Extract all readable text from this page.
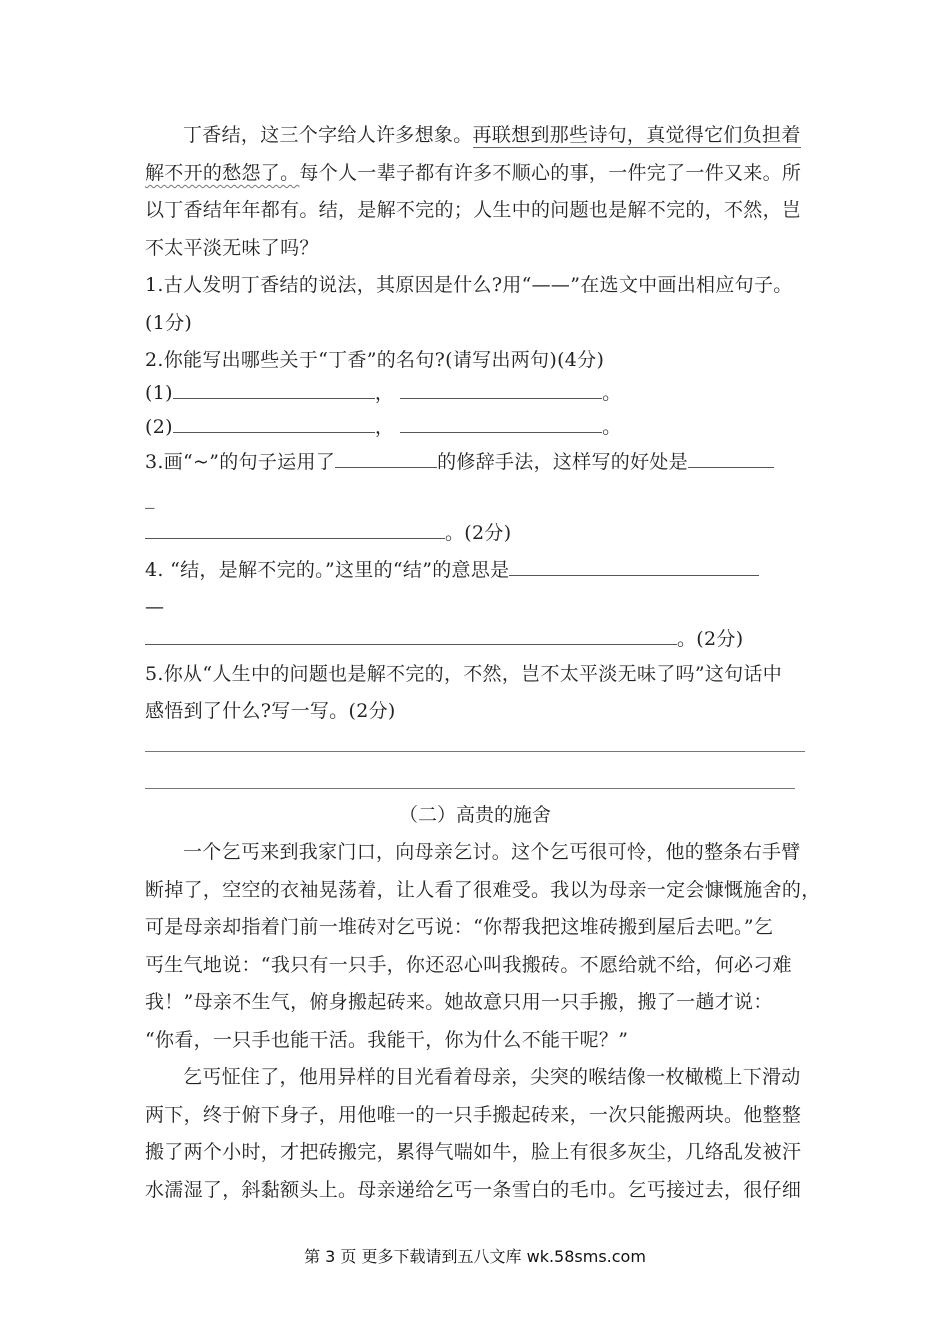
丁香结，这三个字给人许多想象。再联想到那些诗句，真觉得它们负担着
解不开的愁怨了。每个人一辈子都有许多不顺心的事，一件完了一件又来。所
以丁香结年年都有。结，是解不完的；人生中的问题也是解不完的，不然，岂
不太平淡无味了吗？
1.古人发明丁香结的说法，其原因是什么?用“——”在选文中画出相应句子。
(1分)
2.你能写出哪些关于“丁香”的名句?(请写出两句)(4分)
(1)	，	。
(2)	，	。
3.画“~”的句子运用了	的修辞手法，这样写的好处是
_
。(2分)
4. “结，是解不完的。”这里的“结”的意思是
—
。(2分)
5.你从“人生中的问题也是解不完的，不然，岂不太平淡无味了吗”这句话中
感悟到了什么?写一写。(2分)
（二）高贵的施舍
一个乞丐来到我家门口，向母亲乞讨。这个乞丐很可怜，他的整条右手臂
断掉了，空空的衣袖晃荡着，让人看了很难受。我以为母亲一定会慷慨施舍的，
可是母亲却指着门前一堆砖对乞丐说：“你帮我把这堆砖搬到屋后去吧。”乞
丐生气地说：“我只有一只手，你还忍心叫我搬砖。不愿给就不给，何必刁难
我！”母亲不生气，俯身搬起砖来。她故意只用一只手搬，搬了一趟才说：
“你看，一只手也能干活。我能干，你为什么不能干呢？”
乞丐怔住了，他用异样的目光看着母亲，尖突的喉结像一枚橄榄上下滑动
两下，终于俯下身子，用他唯一的一只手搬起砖来，一次只能搬两块。他整整
搬了两个小时，才把砖搬完，累得气喘如牛，脸上有很多灰尘，几络乱发被汗
水濡湿了，斜黏额头上。母亲递给乞丐一条雪白的毛巾。乞丐接过去，很仔细
第 3 页 更多下载请到五八文库 wk.58sms.com
